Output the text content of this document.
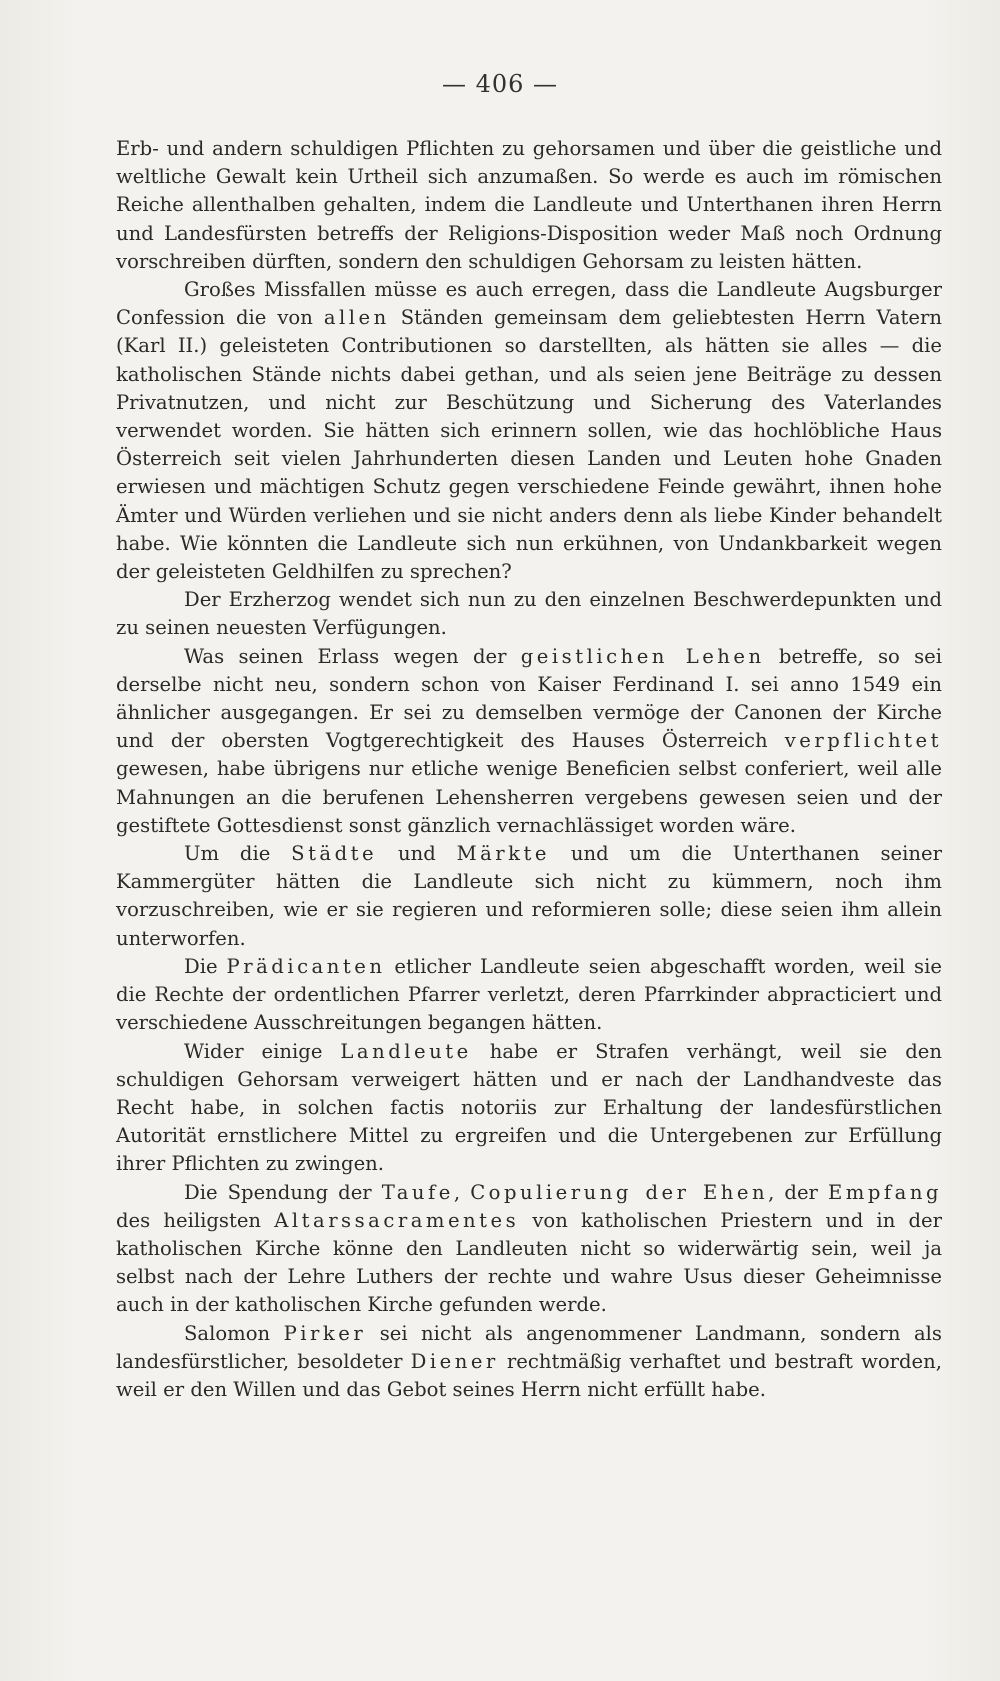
— 406 —

Erb- und andern schuldigen Pflichten zu gehorsamen und über die geistliche und weltliche Gewalt kein Urtheil sich anzumaßen. So werde es auch im römischen Reiche allenthalben gehalten, indem die Landleute und Unterthanen ihren Herrn und Landesfürsten betreffs der Religions-Disposition weder Maß noch Ordnung vorschreiben dürften, sondern den schuldigen Gehorsam zu leisten hätten.

Großes Missfallen müsse es auch erregen, dass die Landleute Augsburger Confession die von allen Ständen gemeinsam dem geliebtesten Herrn Vatern (Karl II.) geleisteten Contributionen so darstellten, als hätten sie alles — die katholischen Stände nichts dabei gethan, und als seien jene Beiträge zu dessen Privatnutzen, und nicht zur Beschützung und Sicherung des Vaterlandes verwendet worden. Sie hätten sich erinnern sollen, wie das hochlöbliche Haus Österreich seit vielen Jahrhunderten diesen Landen und Leuten hohe Gnaden erwiesen und mächtigen Schutz gegen verschiedene Feinde gewährt, ihnen hohe Ämter und Würden verliehen und sie nicht anders denn als liebe Kinder behandelt habe. Wie könnten die Landleute sich nun erkühnen, von Undankbarkeit wegen der geleisteten Geldhilfen zu sprechen?

Der Erzherzog wendet sich nun zu den einzelnen Beschwerdepunkten und zu seinen neuesten Verfügungen.

Was seinen Erlass wegen der geistlichen Lehen betreffe, so sei derselbe nicht neu, sondern schon von Kaiser Ferdinand I. sei anno 1549 ein ähnlicher ausgegangen. Er sei zu demselben vermöge der Canonen der Kirche und der obersten Vogtgerechtigkeit des Hauses Österreich verpflichtet gewesen, habe übrigens nur etliche wenige Beneficien selbst conferiert, weil alle Mahnungen an die berufenen Lehensherren vergebens gewesen seien und der gestiftete Gottesdienst sonst gänzlich vernachlässiget worden wäre.

Um die Städte und Märkte und um die Unterthanen seiner Kammergüter hätten die Landleute sich nicht zu kümmern, noch ihm vorzuschreiben, wie er sie regieren und reformieren solle; diese seien ihm allein unterworfen.

Die Prädicanten etlicher Landleute seien abgeschafft worden, weil sie die Rechte der ordentlichen Pfarrer verletzt, deren Pfarrkinder abpracticiert und verschiedene Ausschreitungen begangen hätten.

Wider einige Landleute habe er Strafen verhängt, weil sie den schuldigen Gehorsam verweigert hätten und er nach der Landhandveste das Recht habe, in solchen factis notoriis zur Erhaltung der landesfürstlichen Autorität ernstlichere Mittel zu ergreifen und die Untergebenen zur Erfüllung ihrer Pflichten zu zwingen.

Die Spendung der Taufe, Copulierung der Ehen, der Empfang des heiligsten Altarssacramentes von katholischen Priestern und in der katholischen Kirche könne den Landleuten nicht so widerwärtig sein, weil ja selbst nach der Lehre Luthers der rechte und wahre Usus dieser Geheimnisse auch in der katholischen Kirche gefunden werde.

Salomon Pirker sei nicht als angenommener Landmann, sondern als landesfürstlicher, besoldeter Diener rechtmäßig verhaftet und bestraft worden, weil er den Willen und das Gebot seines Herrn nicht erfüllt habe.
